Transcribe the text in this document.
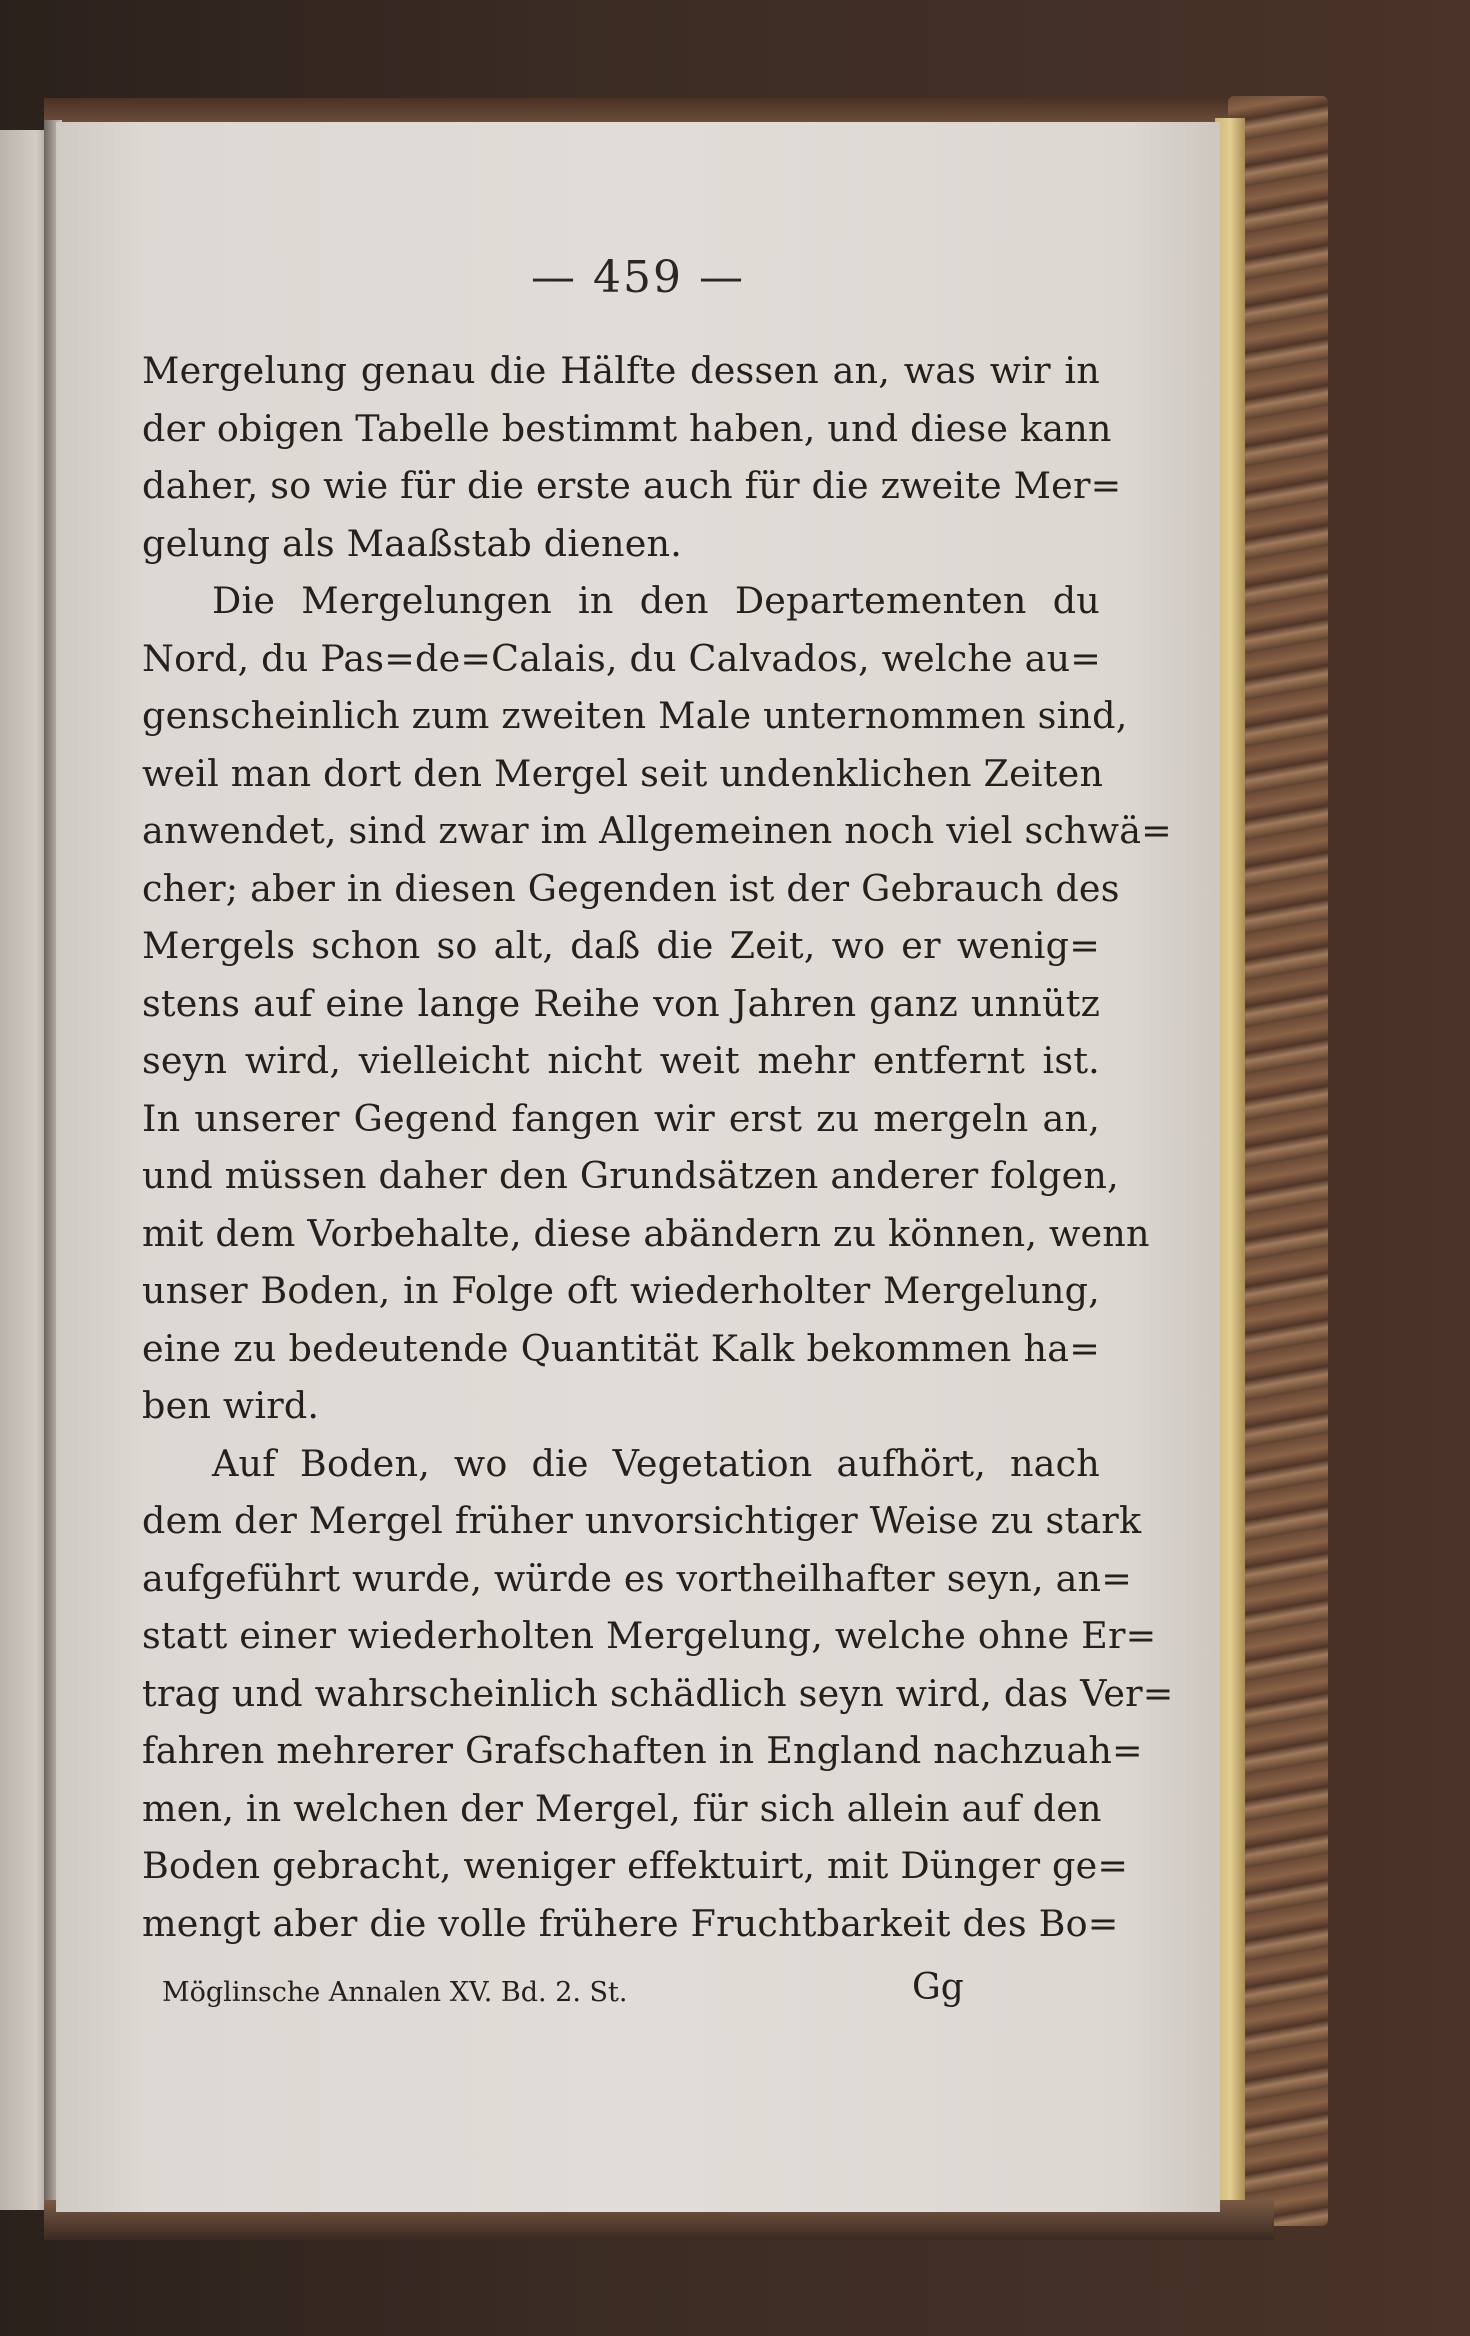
— 459 —
Mergelung genau die Hälfte dessen an, was wir in
der obigen Tabelle bestimmt haben, und diese kann
daher, so wie für die erste auch für die zweite Mer=
gelung als Maaßstab dienen.
Die Mergelungen in den Departementen du
Nord, du Pas=de=Calais, du Calvados, welche au=
genscheinlich zum zweiten Male unternommen sind,
weil man dort den Mergel seit undenklichen Zeiten
anwendet, sind zwar im Allgemeinen noch viel schwä=
cher; aber in diesen Gegenden ist der Gebrauch des
Mergels schon so alt, daß die Zeit, wo er wenig=
stens auf eine lange Reihe von Jahren ganz unnütz
seyn wird, vielleicht nicht weit mehr entfernt ist.
In unserer Gegend fangen wir erst zu mergeln an,
und müssen daher den Grundsätzen anderer folgen,
mit dem Vorbehalte, diese abändern zu können, wenn
unser Boden, in Folge oft wiederholter Mergelung,
eine zu bedeutende Quantität Kalk bekommen ha=
ben wird.
Auf Boden, wo die Vegetation aufhört, nach
dem der Mergel früher unvorsichtiger Weise zu stark
aufgeführt wurde, würde es vortheilhafter seyn, an=
statt einer wiederholten Mergelung, welche ohne Er=
trag und wahrscheinlich schädlich seyn wird, das Ver=
fahren mehrerer Grafschaften in England nachzuah=
men, in welchen der Mergel, für sich allein auf den
Boden gebracht, weniger effektuirt, mit Dünger ge=
mengt aber die volle frühere Fruchtbarkeit des Bo=
Möglinsche Annalen XV. Bd. 2. St.	Gg
